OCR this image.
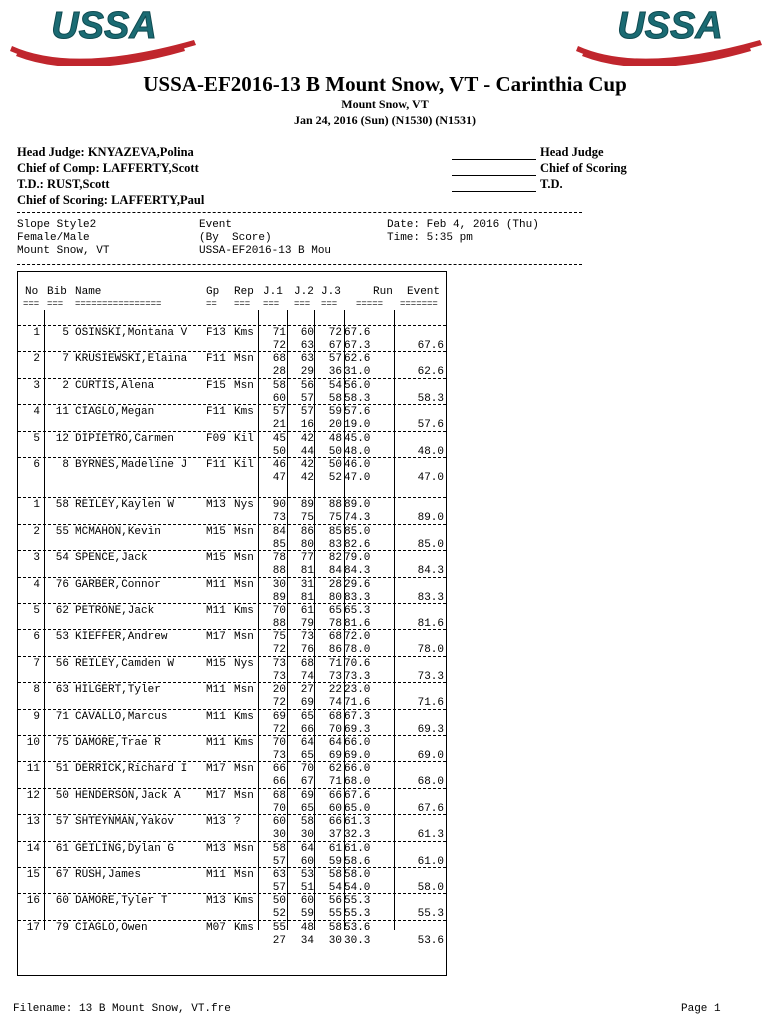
USSA	USSA
USSA-EF2016-13 B Mount Snow, VT - Carinthia Cup
Mount Snow, VT
Jan 24, 2016 (Sun) (N1530) (N1531)
Head Judge: KNYAZEVA,Polina
Chief of Comp: LAFFERTY,Scott
T.D.: RUST,Scott
Chief of Scoring: LAFFERTY,Paul
Head Judge
Chief of Scoring
T.D.
Slope Style2
Female/Male
Mount Snow, VT
Event
(By  Score)
USSA-EF2016-13 B Mou
Date: Feb 4, 2016 (Thu)
Time: 5:35 pm
No Bib Name	Gp Rep J.1 J.2 J.3	Run Event
=== === ================	== === === === === ===== =======
1 5 OSINSKI,Montana V F13 Kms 71 60 72 67.6
72 63 67 67.3	67.6
2 7 KRUSIEWSKI,Elaina F11 Msn 68 63 57 62.6
28 29 36 31.0	62.6
3 2 CURTIS,Alena	F15 Msn 58 56 54 56.0
60 57 58 58.3	58.3
4 11 CIAGLO,Megan	F11 Kms 57 57 59 57.6
21 16 20 19.0	57.6
5 12 DIPIETRO,Carmen	F09 Kil 45 42 48 45.0
50 44 50 48.0	48.0
6 8 BYRNES,Madeline J F11 Kil 46 42 50 46.0
47 42 52 47.0	47.0
1 58 REILEY,Kaylen W	M13 Nys 90 89 88 89.0
73 75 75 74.3	89.0
2 55 MCMAHON,Kevin	M15 Msn 84 86 85 85.0
85 80 83 82.6	85.0
3 54 SPENCE,Jack	M15 Msn 78 77 82 79.0
88 81 84 84.3	84.3
4 76 GARBER,Connor	M11 Msn 30 31 28 29.6
89 81 80 83.3	83.3
5 62 PETRONE,Jack	M11 Kms 70 61 65 65.3
88 79 78 81.6	81.6
6 53 KIEFFER,Andrew	M17 Msn 75 73 68 72.0
72 76 86 78.0	78.0
7 56 REILEY,Camden W	M15 Nys 73 68 71 70.6
73 74 73 73.3	73.3
8 63 HILGERT,Tyler	M11 Msn 20 27 22 23.0
72 69 74 71.6	71.6
9 71 CAVALLO,Marcus	M11 Kms 69 65 68 67.3
72 66 70 69.3	69.3
10 75 DAMORE,Trae R	M11 Kms 70 64 64 66.0
73 65 69 69.0	69.0
11 51 DERRICK,Richard I M17 Msn 66 70 62 66.0
66 67 71 68.0	68.0
12 50 HENDERSON,Jack A M17 Msn 68 69 66 67.6
70 65 60 65.0	67.6
13 57 SHTEYNMAN,Yakov	M13 ?	60 58 66 61.3
30 30 37 32.3	61.3
14 61 GEILING,Dylan G	M13 Msn 58 64 61 61.0
57 60 59 58.6	61.0
15 67 RUSH,James	M11 Msn 63 53 58 58.0
57 51 54 54.0	58.0
16 60 DAMORE,Tyler T	M13 Kms 50 60 56 55.3
52 59 55 55.3	55.3
17 79 CIAGLO,Owen	M07 Kms 55 48 58 53.6
27 34 30 30.3	53.6
Filename: 13 B Mount Snow, VT.fre	Page 1
